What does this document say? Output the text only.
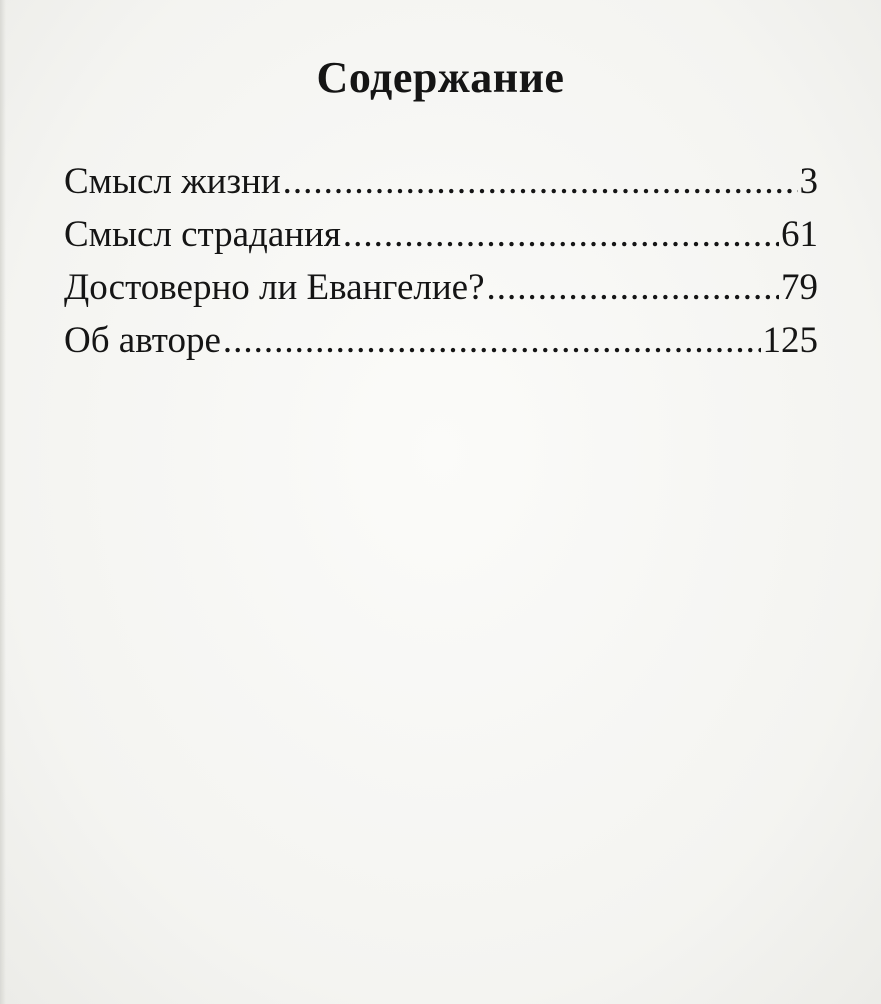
Содержание
Смысл жизни .....	3
Смысл страдания .....	61
Достоверно ли Евангелие? .....	79
Об авторе .....	125
